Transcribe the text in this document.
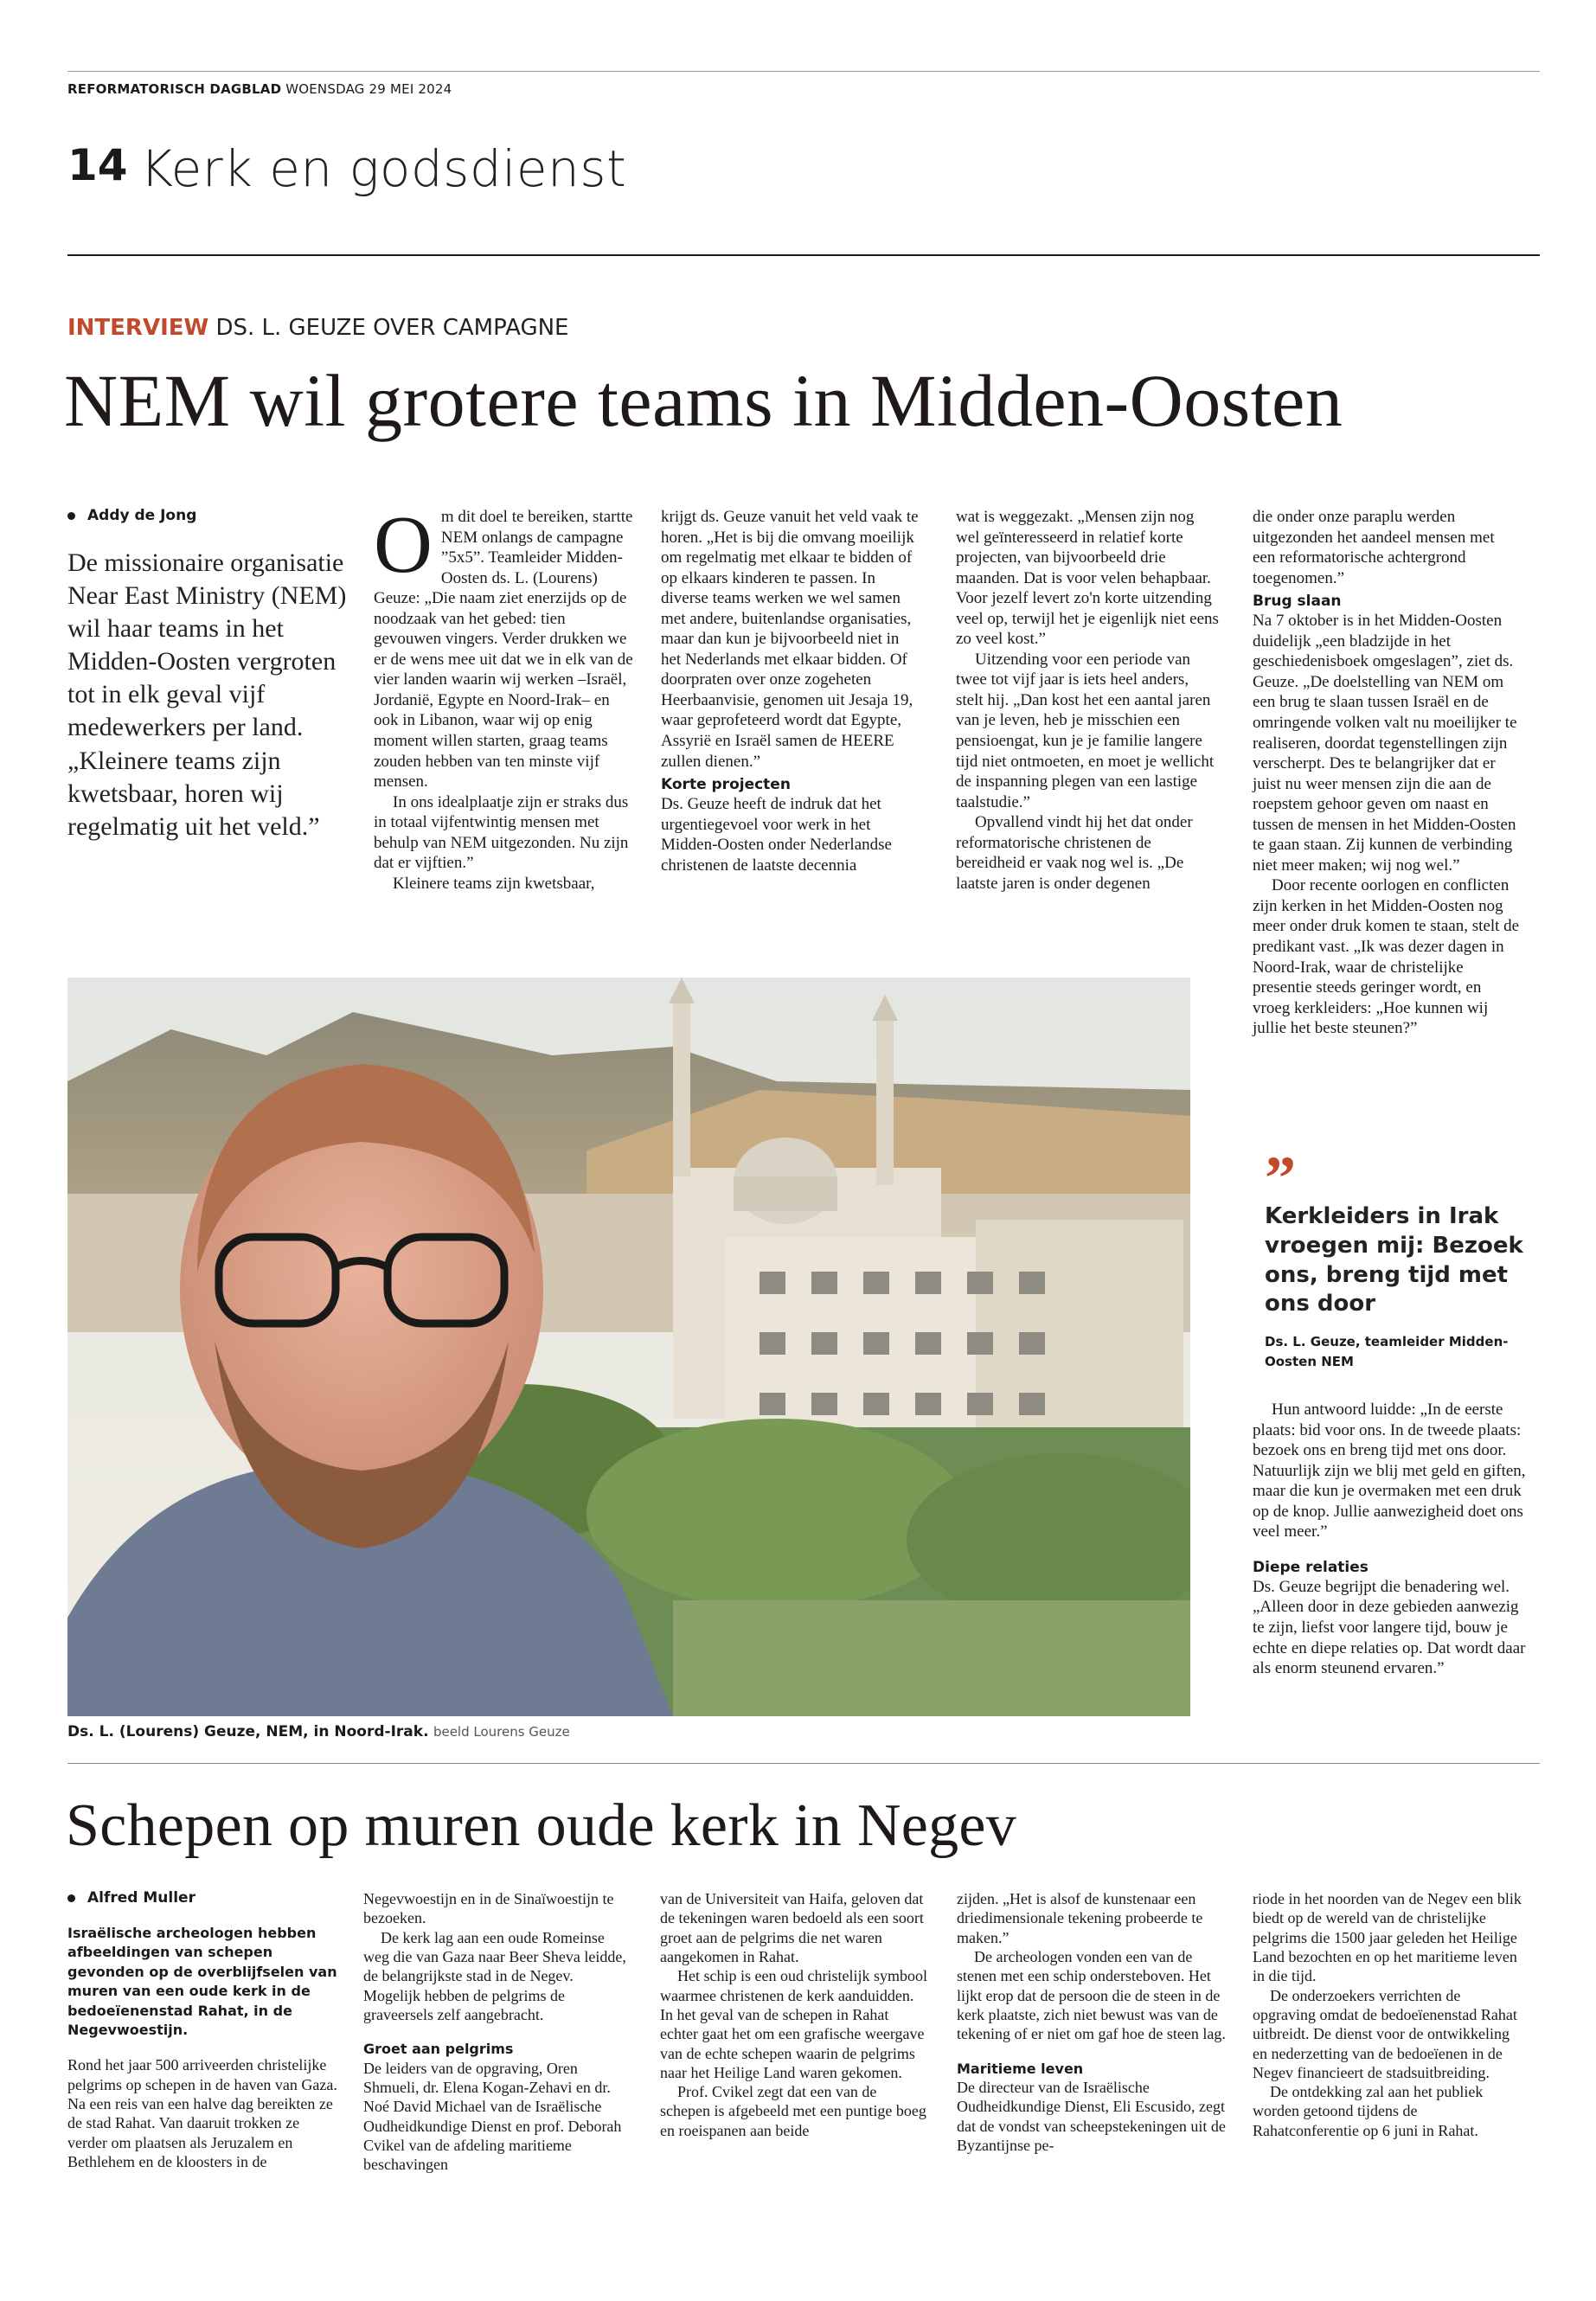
REFORMATORISCH DAGBLAD WOENSDAG 29 MEI 2024
14 Kerk en godsdienst
INTERVIEW DS. L. GEUZE OVER CAMPAGNE
NEM wil grotere teams in Midden-Oosten
Addy de Jong
De missionaire organisatie Near East Ministry (NEM) wil haar teams in het Midden-Oosten vergroten tot in elk geval vijf medewerkers per land. „Kleinere teams zijn kwetsbaar, horen wij regelmatig uit het veld.”
O m dit doel te bereiken, startte NEM onlangs de campagne ”5x5”. Teamleider Midden-Oosten ds. L. (Lourens) Geuze: „Die naam ziet enerzijds op de noodzaak van het gebed: tien gevouwen vingers. Verder drukken we er de wens mee uit dat we in elk van de vier landen waarin wij werken –Israël, Jordanië, Egypte en Noord-Irak– en ook in Libanon, waar wij op enig moment willen starten, graag teams zouden hebben van ten minste vijf mensen.

In ons idealplaatje zijn er straks dus in totaal vijfentwintig mensen met behulp van NEM uitgezonden. Nu zijn dat er vijftien.”

Kleinere teams zijn kwetsbaar,

krijgt ds. Geuze vanuit het veld vaak te horen. „Het is bij die omvang moeilijk om regelmatig met elkaar te bidden of op elkaars kinderen te passen. In diverse teams werken we wel samen met andere, buitenlandse organisaties, maar dan kun je bijvoorbeeld niet in het Nederlands met elkaar bidden. Of doorpraten over onze zogeheten Heerbaanvisie, genomen uit Jesaja 19, waar geprofeteerd wordt dat Egypte, Assyrië en Israël samen de HEERE zullen dienen.”

Korte projecten

Ds. Geuze heeft de indruk dat het urgentiegevoel voor werk in het Midden-Oosten onder Nederlandse christenen de laatste decennia

wat is weggezakt. „Mensen zijn nog wel geïnteresseerd in relatief korte projecten, van bijvoorbeeld drie maanden. Dat is voor velen behapbaar. Voor jezelf levert zo'n korte uitzending veel op, terwijl het je eigenlijk niet eens zo veel kost.”

Uitzending voor een periode van twee tot vijf jaar is iets heel anders, stelt hij. „Dan kost het een aantal jaren van je leven, heb je misschien een pensioengat, kun je je familie langere tijd niet ontmoeten, en moet je wellicht de inspanning plegen van een lastige taalstudie.”

Opvallend vindt hij het dat onder reformatorische christenen de bereidheid er vaak nog wel is. „De laatste jaren is onder degenen

die onder onze paraplu werden uitgezonden het aandeel mensen met een reformatorische achtergrond toegenomen.”

Brug slaan

Na 7 oktober is in het Midden-Oosten duidelijk „een bladzijde in het geschiedenisboek omgeslagen”, ziet ds. Geuze. „De doelstelling van NEM om een brug te slaan tussen Israël en de omringende volken valt nu moeilijker te realiseren, doordat tegenstellingen zijn verscherpt. Des te belangrijker dat er juist nu weer mensen zijn die aan de roepstem gehoor geven om naast en tussen de mensen in het Midden-Oosten te gaan staan. Zij kunnen de verbinding niet meer maken; wij nog wel.”

Door recente oorlogen en conflicten zijn kerken in het Midden-Oosten nog meer onder druk komen te staan, stelt de predikant vast. „Ik was dezer dagen in Noord-Irak, waar de christelijke presentie steeds geringer wordt, en vroeg kerkleiders: „Hoe kunnen wij jullie het beste steunen?”

Ds. L. (Lourens) Geuze, NEM, in Noord-Irak. beeld Lourens Geuze
”
Kerkleiders in Irak vroegen mij: Bezoek ons, breng tijd met ons door
Ds. L. Geuze, teamleider Midden-Oosten NEM

Hun antwoord luidde: „In de eerste plaats: bid voor ons. In de tweede plaats: bezoek ons en breng tijd met ons door. Natuurlijk zijn we blij met geld en giften, maar die kun je overmaken met een druk op de knop. Jullie aanwezigheid doet ons veel meer.”

Diepe relaties

Ds. Geuze begrijpt die benadering wel. „Alleen door in deze gebieden aanwezig te zijn, liefst voor langere tijd, bouw je echte en diepe relaties op. Dat wordt daar als enorm steunend ervaren.”

Schepen op muren oude kerk in Negev
Alfred Muller
Israëlische archeologen hebben afbeeldingen van schepen gevonden op de overblijfselen van muren van een oude kerk in de bedoeïenenstad Rahat, in de Negevwoestijn.

Rond het jaar 500 arriveerden christelijke pelgrims op schepen in de haven van Gaza. Na een reis van een halve dag bereikten ze de stad Rahat. Van daaruit trokken ze verder om plaatsen als Jeruzalem en Bethlehem en de kloosters in de

Negevwoestijn en in de Sinaïwoestijn te bezoeken.

De kerk lag aan een oude Romeinse weg die van Gaza naar Beer Sheva leidde, de belangrijkste stad in de Negev. Mogelijk hebben de pelgrims de graveersels zelf aangebracht.

Groet aan pelgrims

De leiders van de opgraving, Oren Shmueli, dr. Elena Kogan-Zehavi en dr. Noé David Michael van de Israëlische Oudheidkundige Dienst en prof. Deborah Cvikel van de afdeling maritieme beschavingen

van de Universiteit van Haifa, geloven dat de tekeningen waren bedoeld als een soort groet aan de pelgrims die net waren aangekomen in Rahat.

Het schip is een oud christelijk symbool waarmee christenen de kerk aanduidden. In het geval van de schepen in Rahat echter gaat het om een grafische weergave van de echte schepen waarin de pelgrims naar het Heilige Land waren gekomen.

Prof. Cvikel zegt dat een van de schepen is afgebeeld met een puntige boeg en roeispanen aan beide

zijden. „Het is alsof de kunstenaar een driedimensionale tekening probeerde te maken.”

De archeologen vonden een van de stenen met een schip ondersteboven. Het lijkt erop dat de persoon die de steen in de kerk plaatste, zich niet bewust was van de tekening of er niet om gaf hoe de steen lag.

Maritieme leven

De directeur van de Israëlische Oudheidkundige Dienst, Eli Escusido, zegt dat de vondst van scheepstekeningen uit de Byzantijnse pe-

riode in het noorden van de Negev een blik biedt op de wereld van de christelijke pelgrims die 1500 jaar geleden het Heilige Land bezochten en op het maritieme leven in die tijd.

De onderzoekers verrichten de opgraving omdat de bedoeïenenstad Rahat uitbreidt. De dienst voor de ontwikkeling en nederzetting van de bedoeïenen in de Negev financieert de stadsuitbreiding.

De ontdekking zal aan het publiek worden getoond tijdens de Rahatconferentie op 6 juni in Rahat.
